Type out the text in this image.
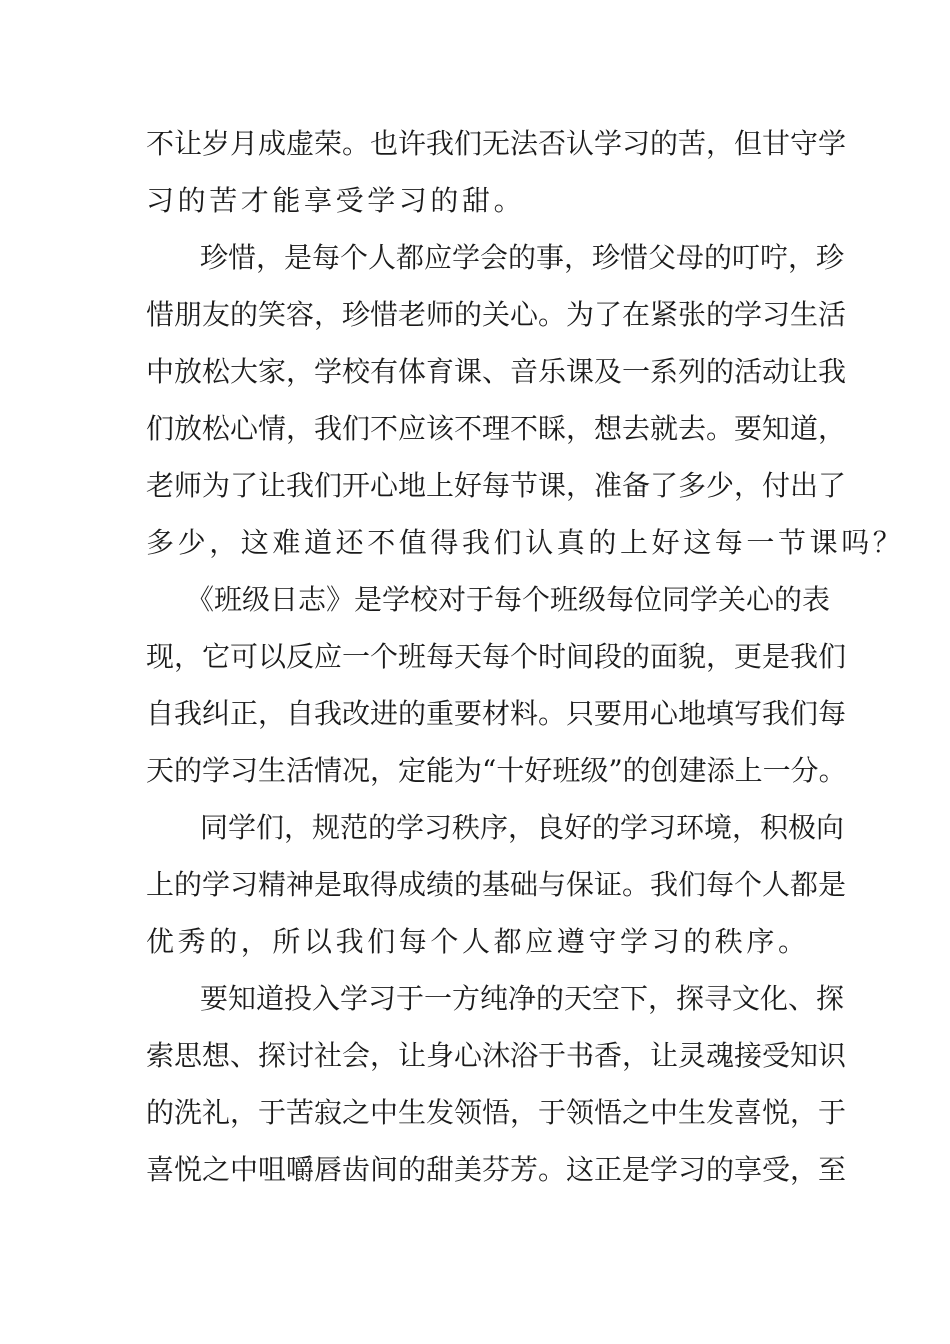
不让岁月成虚荣。也许我们无法否认学习的苦，但甘守学
习的苦才能享受学习的甜。
珍惜，是每个人都应学会的事，珍惜父母的叮咛，珍
惜朋友的笑容，珍惜老师的关心。为了在紧张的学习生活
中放松大家，学校有体育课、音乐课及一系列的活动让我
们放松心情，我们不应该不理不睬，想去就去。要知道，
老师为了让我们开心地上好每节课，准备了多少，付出了
多少，这难道还不值得我们认真的上好这每一节课吗？
《班级日志》是学校对于每个班级每位同学关心的表
现，它可以反应一个班每天每个时间段的面貌，更是我们
自我纠正，自我改进的重要材料。只要用心地填写我们每
天的学习生活情况，定能为“十好班级”的创建添上一分。
同学们，规范的学习秩序，良好的学习环境，积极向
上的学习精神是取得成绩的基础与保证。我们每个人都是
优秀的，所以我们每个人都应遵守学习的秩序。
要知道投入学习于一方纯净的天空下，探寻文化、探
索思想、探讨社会，让身心沐浴于书香，让灵魂接受知识
的洗礼，于苦寂之中生发领悟，于领悟之中生发喜悦，于
喜悦之中咀嚼唇齿间的甜美芬芳。这正是学习的享受，至
